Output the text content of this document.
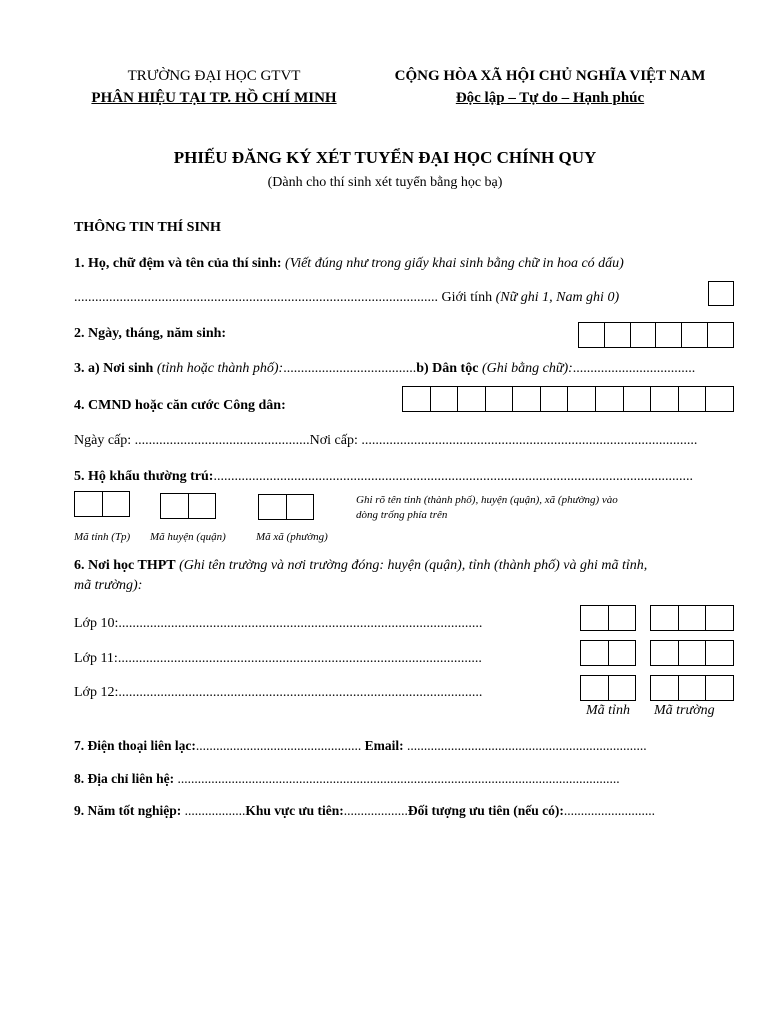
TRƯỜNG ĐẠI HỌC GTVT
PHÂN HIỆU TẠI TP. HỒ CHÍ MINH
CỘNG HÒA XÃ HỘI CHỦ NGHĨA VIỆT NAM
Độc lập – Tự do – Hạnh phúc
PHIẾU ĐĂNG KÝ XÉT TUYỂN ĐẠI HỌC CHÍNH QUY
(Dành cho thí sinh xét tuyển bằng học bạ)
THÔNG TIN THÍ SINH
1. Họ, chữ đệm và tên của thí sinh: (Viết đúng như trong giấy khai sinh bằng chữ in hoa có dấu)
........................................................................................................ Giới tính (Nữ ghi 1, Nam ghi 0)
2. Ngày, tháng, năm sinh:
3. a) Nơi sinh (tỉnh hoặc thành phố):......................................b) Dân tộc (Ghi bằng chữ):...................................
4. CMND hoặc căn cước Công dân:
Ngày cấp: ..................................................Nơi cấp: ................................................................................................
5. Hộ khẩu thường trú:.........................................................................................................................................
Ghi rõ tên tỉnh (thành phố), huyện (quận), xã (phường) vào
dòng trống phía trên
Mã tỉnh (Tp) Mã huyện (quận)	Mã xã (phường)
6. Nơi học THPT (Ghi tên trường và nơi trường đóng: huyện (quận), tỉnh (thành phố) và ghi mã tỉnh,
mã trường):
Lớp 10:........................................................................................................
Lớp 11:........................................................................................................
Lớp 12:........................................................................................................
Mã tỉnh Mã trường
7. Điện thoại liên lạc:................................................. Email: .......................................................................
8. Địa chỉ liên hệ: ...................................................................................................................................
9. Năm tốt nghiệp: ..................Khu vực ưu tiên:...................Đối tượng ưu tiên (nếu có):...........................
